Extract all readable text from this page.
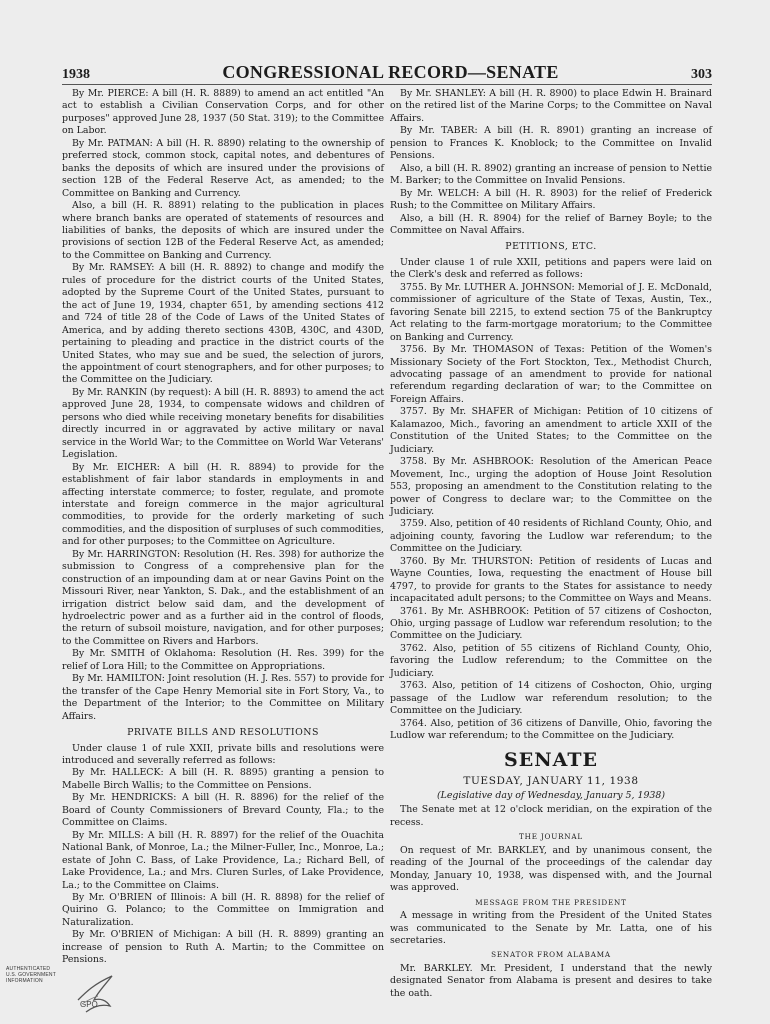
1938	CONGRESSIONAL RECORD—SENATE	303

By Mr. PIERCE: A bill (H. R. 8889) to amend an act entitled "An act to establish a Civilian Conservation Corps, and for other purposes" approved June 28, 1937 (50 Stat. 319); to the Committee on Labor.

By Mr. PATMAN: A bill (H. R. 8890) relating to the ownership of preferred stock, common stock, capital notes, and debentures of banks the deposits of which are insured under the provisions of section 12B of the Federal Reserve Act, as amended; to the Committee on Banking and Currency.

Also, a bill (H. R. 8891) relating to the publication in places where branch banks are operated of statements of resources and liabilities of banks, the deposits of which are insured under the provisions of section 12B of the Federal Reserve Act, as amended; to the Committee on Banking and Currency.

By Mr. RAMSEY: A bill (H. R. 8892) to change and modify the rules of procedure for the district courts of the United States, adopted by the Supreme Court of the United States, pursuant to the act of June 19, 1934, chapter 651, by amending sections 412 and 724 of title 28 of the Code of Laws of the United States of America, and by adding thereto sections 430B, 430C, and 430D, pertaining to pleading and practice in the district courts of the United States, who may sue and be sued, the selection of jurors, the appointment of court stenographers, and for other purposes; to the Committee on the Judiciary.

By Mr. RANKIN (by request): A bill (H. R. 8893) to amend the act approved June 28, 1934, to compensate widows and children of persons who died while receiving monetary benefits for disabilities directly incurred in or aggravated by active military or naval service in the World War; to the Committee on World War Veterans' Legislation.

By Mr. EICHER: A bill (H. R. 8894) to provide for the establishment of fair labor standards in employments in and affecting interstate commerce; to foster, regulate, and promote interstate and foreign commerce in the major agricultural commodities, to provide for the orderly marketing of such commodities, and the disposition of surpluses of such commodities, and for other purposes; to the Committee on Agriculture.

By Mr. HARRINGTON: Resolution (H. Res. 398) for authorize the submission to Congress of a comprehensive plan for the construction of an impounding dam at or near Gavins Point on the Missouri River, near Yankton, S. Dak., and the establishment of an irrigation district below said dam, and the development of hydroelectric power and as a further aid in the control of floods, the return of subsoil moisture, navigation, and for other purposes; to the Committee on Rivers and Harbors.

By Mr. SMITH of Oklahoma: Resolution (H. Res. 399) for the relief of Lora Hill; to the Committee on Appropriations.

By Mr. HAMILTON: Joint resolution (H. J. Res. 557) to provide for the transfer of the Cape Henry Memorial site in Fort Story, Va., to the Department of the Interior; to the Committee on Military Affairs.

PRIVATE BILLS AND RESOLUTIONS

Under clause 1 of rule XXII, private bills and resolutions were introduced and severally referred as follows:

By Mr. HALLECK: A bill (H. R. 8895) granting a pension to Mabelle Birch Wallis; to the Committee on Pensions.

By Mr. HENDRICKS: A bill (H. R. 8896) for the relief of the Board of County Commissioners of Brevard County, Fla.; to the Committee on Claims.

By Mr. MILLS: A bill (H. R. 8897) for the relief of the Ouachita National Bank, of Monroe, La.; the Milner-Fuller, Inc., Monroe, La.; estate of John C. Bass, of Lake Providence, La.; Richard Bell, of Lake Providence, La.; and Mrs. Cluren Surles, of Lake Providence, La.; to the Committee on Claims.

By Mr. O'BRIEN of Illinois: A bill (H. R. 8898) for the relief of Quirino G. Polanco; to the Committee on Immigration and Naturalization.

By Mr. O'BRIEN of Michigan: A bill (H. R. 8899) granting an increase of pension to Ruth A. Martin; to the Committee on Pensions.

By Mr. SHANLEY: A bill (H. R. 8900) to place Edwin H. Brainard on the retired list of the Marine Corps; to the Committee on Naval Affairs.

By Mr. TABER: A bill (H. R. 8901) granting an increase of pension to Frances K. Knoblock; to the Committee on Invalid Pensions.

Also, a bill (H. R. 8902) granting an increase of pension to Nettie M. Barker; to the Committee on Invalid Pensions.

By Mr. WELCH: A bill (H. R. 8903) for the relief of Frederick Rush; to the Committee on Military Affairs.

Also, a bill (H. R. 8904) for the relief of Barney Boyle; to the Committee on Naval Affairs.

PETITIONS, ETC.

Under clause 1 of rule XXII, petitions and papers were laid on the Clerk's desk and referred as follows:

3755. By Mr. LUTHER A. JOHNSON: Memorial of J. E. McDonald, commissioner of agriculture of the State of Texas, Austin, Tex., favoring Senate bill 2215, to extend section 75 of the Bankruptcy Act relating to the farm-mortgage moratorium; to the Committee on Banking and Currency.

3756. By Mr. THOMASON of Texas: Petition of the Women's Missionary Society of the Fort Stockton, Tex., Methodist Church, advocating passage of an amendment to provide for national referendum regarding declaration of war; to the Committee on Foreign Affairs.

3757. By Mr. SHAFER of Michigan: Petition of 10 citizens of Kalamazoo, Mich., favoring an amendment to article XXII of the Constitution of the United States; to the Committee on the Judiciary.

3758. By Mr. ASHBROOK: Resolution of the American Peace Movement, Inc., urging the adoption of House Joint Resolution 553, proposing an amendment to the Constitution relating to the power of Congress to declare war; to the Committee on the Judiciary.

3759. Also, petition of 40 residents of Richland County, Ohio, and adjoining county, favoring the Ludlow war referendum; to the Committee on the Judiciary.

3760. By Mr. THURSTON: Petition of residents of Lucas and Wayne Counties, Iowa, requesting the enactment of House bill 4797, to provide for grants to the States for assistance to needy incapacitated adult persons; to the Committee on Ways and Means.

3761. By Mr. ASHBROOK: Petition of 57 citizens of Coshocton, Ohio, urging passage of Ludlow war referendum resolution; to the Committee on the Judiciary.

3762. Also, petition of 55 citizens of Richland County, Ohio, favoring the Ludlow referendum; to the Committee on the Judiciary.

3763. Also, petition of 14 citizens of Coshocton, Ohio, urging passage of the Ludlow war referendum resolution; to the Committee on the Judiciary.

3764. Also, petition of 36 citizens of Danville, Ohio, favoring the Ludlow war referendum; to the Committee on the Judiciary.

SENATE
TUESDAY, JANUARY 11, 1938
(Legislative day of Wednesday, January 5, 1938)

The Senate met at 12 o'clock meridian, on the expiration of the recess.

THE JOURNAL

On request of Mr. BARKLEY, and by unanimous consent, the reading of the Journal of the proceedings of the calendar day Monday, January 10, 1938, was dispensed with, and the Journal was approved.

MESSAGE FROM THE PRESIDENT

A message in writing from the President of the United States was communicated to the Senate by Mr. Latta, one of his secretaries.

SENATOR FROM ALABAMA

Mr. BARKLEY. Mr. President, I understand that the newly designated Senator from Alabama is present and desires to take the oath.

AUTHENTICATED
U.S. GOVERNMENT
INFORMATION
GPO
